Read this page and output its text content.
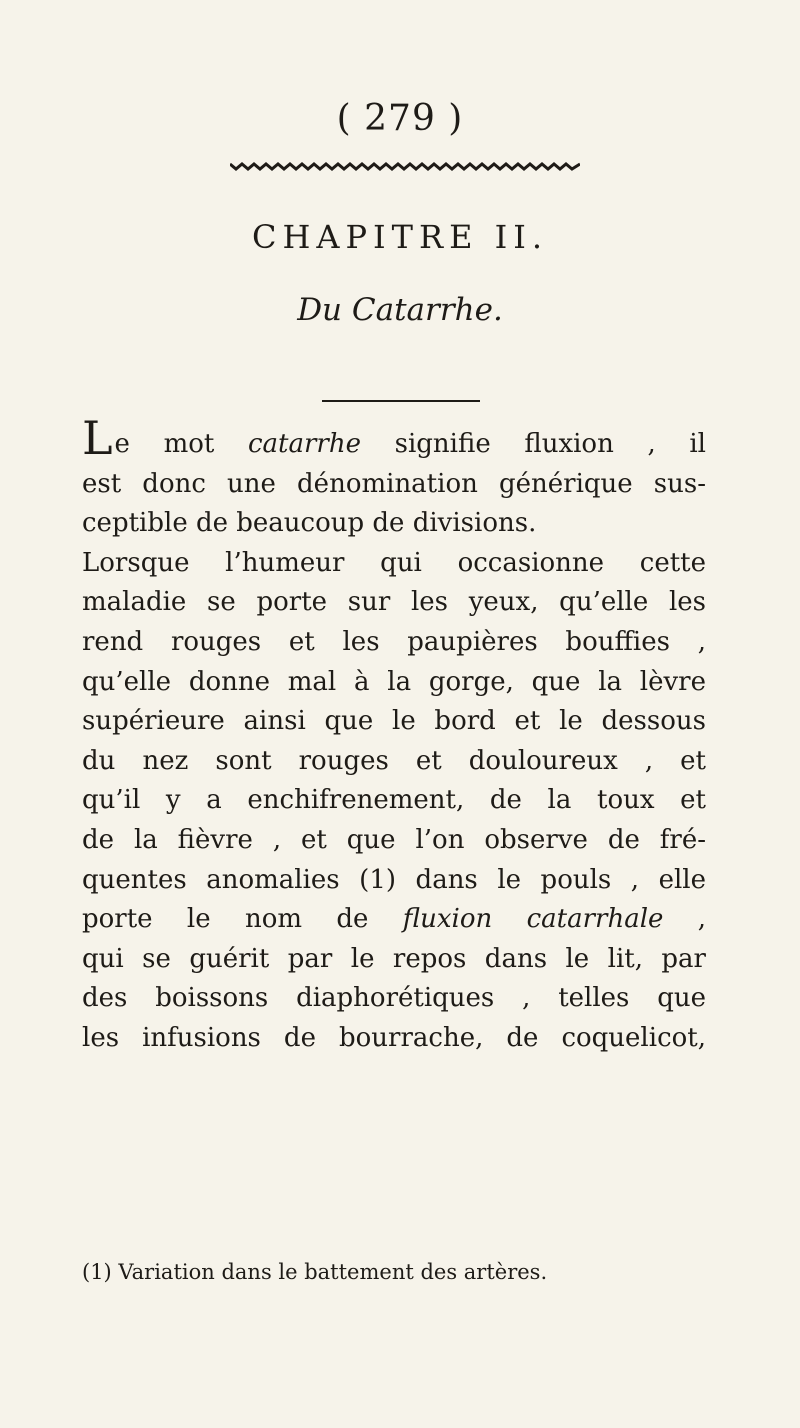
( 279 )
CHAPITRE II.
Du Catarrhe.
Le mot catarrhe signifie fluxion , il
est donc une dénomination générique sus-
ceptible de beaucoup de divisions.
Lorsque l’humeur qui occasionne cette
maladie se porte sur les yeux, qu’elle les
rend rouges et les paupières bouffies ,
qu’elle donne mal à la gorge, que la lèvre
supérieure ainsi que le bord et le dessous
du nez sont rouges et douloureux , et
qu’il y a enchifrenement, de la toux et
de la fièvre , et que l’on observe de fré-
quentes anomalies (1) dans le pouls , elle
porte le nom de fluxion catarrhale ,
qui se guérit par le repos dans le lit, par
des boissons diaphorétiques , telles que
les infusions de bourrache, de coquelicot,
(1) Variation dans le battement des artères.
